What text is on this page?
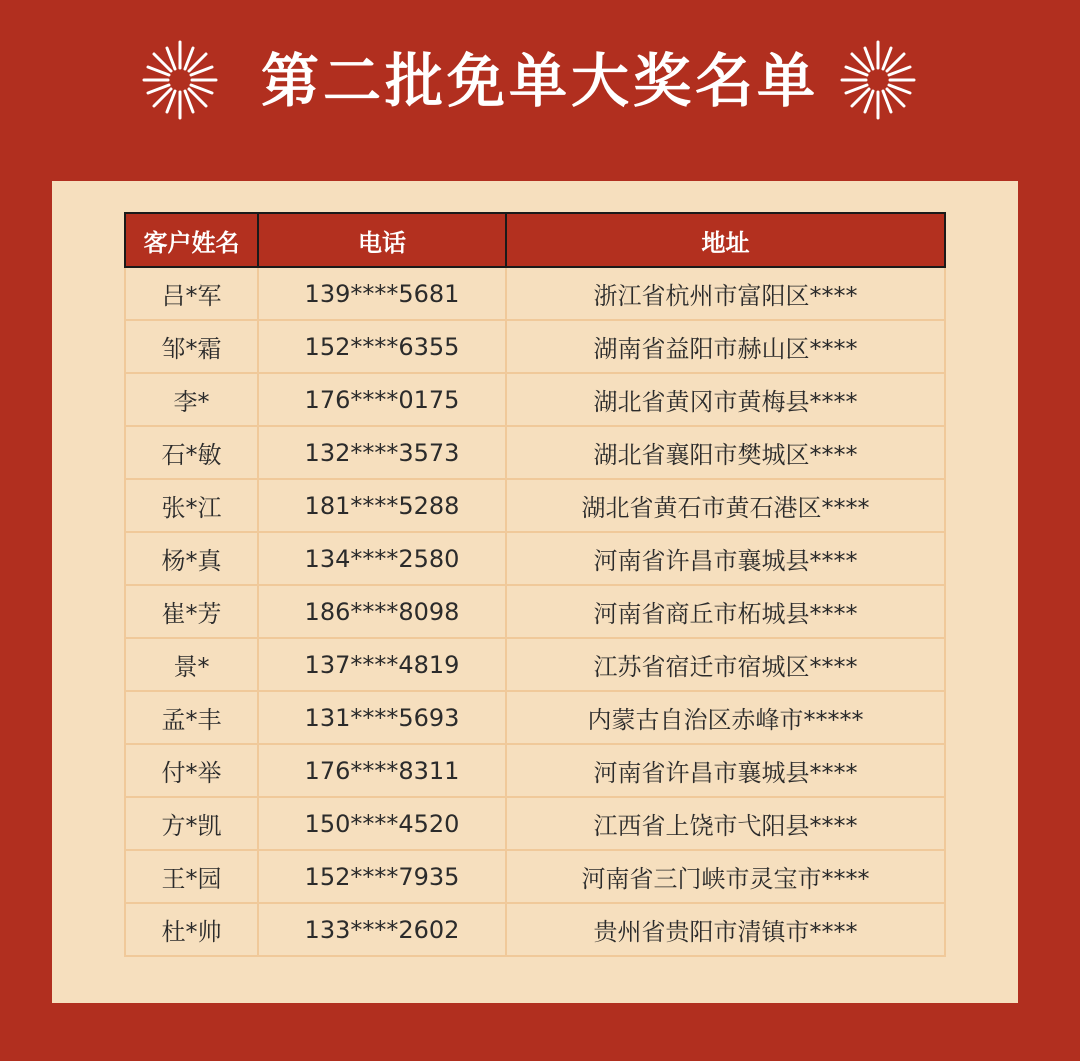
第二批免单大奖名单
客户姓名	电话	地址
吕*军	139****5681	浙江省杭州市富阳区****
邹*霜	152****6355	湖南省益阳市赫山区****
李*	176****0175	湖北省黄冈市黄梅县****
石*敏	132****3573	湖北省襄阳市樊城区****
张*江	181****5288	湖北省黄石市黄石港区****
杨*真	134****2580	河南省许昌市襄城县****
崔*芳	186****8098	河南省商丘市柘城县****
景*	137****4819	江苏省宿迁市宿城区****
孟*丰	131****5693	内蒙古自治区赤峰市*****
付*举	176****8311	河南省许昌市襄城县****
方*凯	150****4520	江西省上饶市弋阳县****
王*园	152****7935	河南省三门峡市灵宝市****
杜*帅	133****2602	贵州省贵阳市清镇市****
